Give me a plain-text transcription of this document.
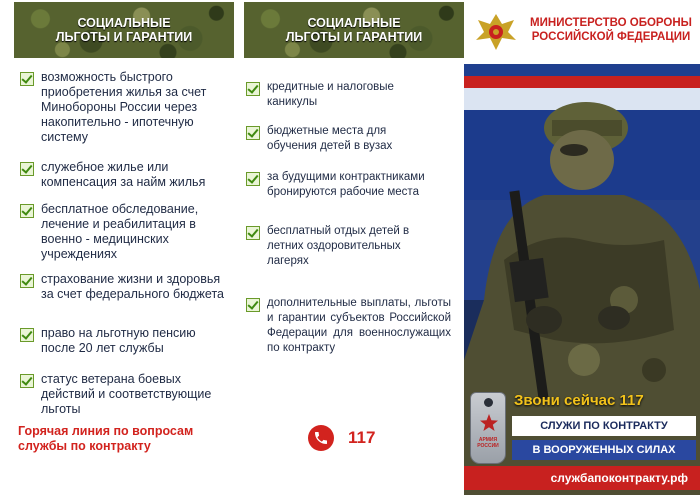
СОЦИАЛЬНЫЕ
ЛЬГОТЫ И ГАРАНТИИ
возможность быстрого приобретения жилья за счет Минобороны России через накопительно - ипотечную систему
служебное жилье или компенсация за найм жилья
бесплатное обследование, лечение и реабилитация в военно - медицинских учреждениях
страхование жизни и здоровья за счет федерального бюджета
право на льготную пенсию после 20 лет службы
статус ветерана боевых действий и соответствующие льготы
Горячая линия по вопросам службы по контракту
СОЦИАЛЬНЫЕ
ЛЬГОТЫ И ГАРАНТИИ
кредитные и налоговые каникулы
бюджетные места для обучения детей в вузах
за будущими контрактниками бронируются рабочие места
бесплатный отдых детей в летних оздоровительных лагерях
дополнительные выплаты, льготы и гарантии субъектов Российской Федерации для военнослужащих по контракту
117
МИНИСТЕРСТВО ОБОРОНЫ
РОССИЙСКОЙ ФЕДЕРАЦИИ
АРМИЯ
РОССИИ
Звони сейчас 117
СЛУЖИ ПО КОНТРАКТУ
В ВООРУЖЕННЫХ СИЛАХ
службапоконтракту.рф
